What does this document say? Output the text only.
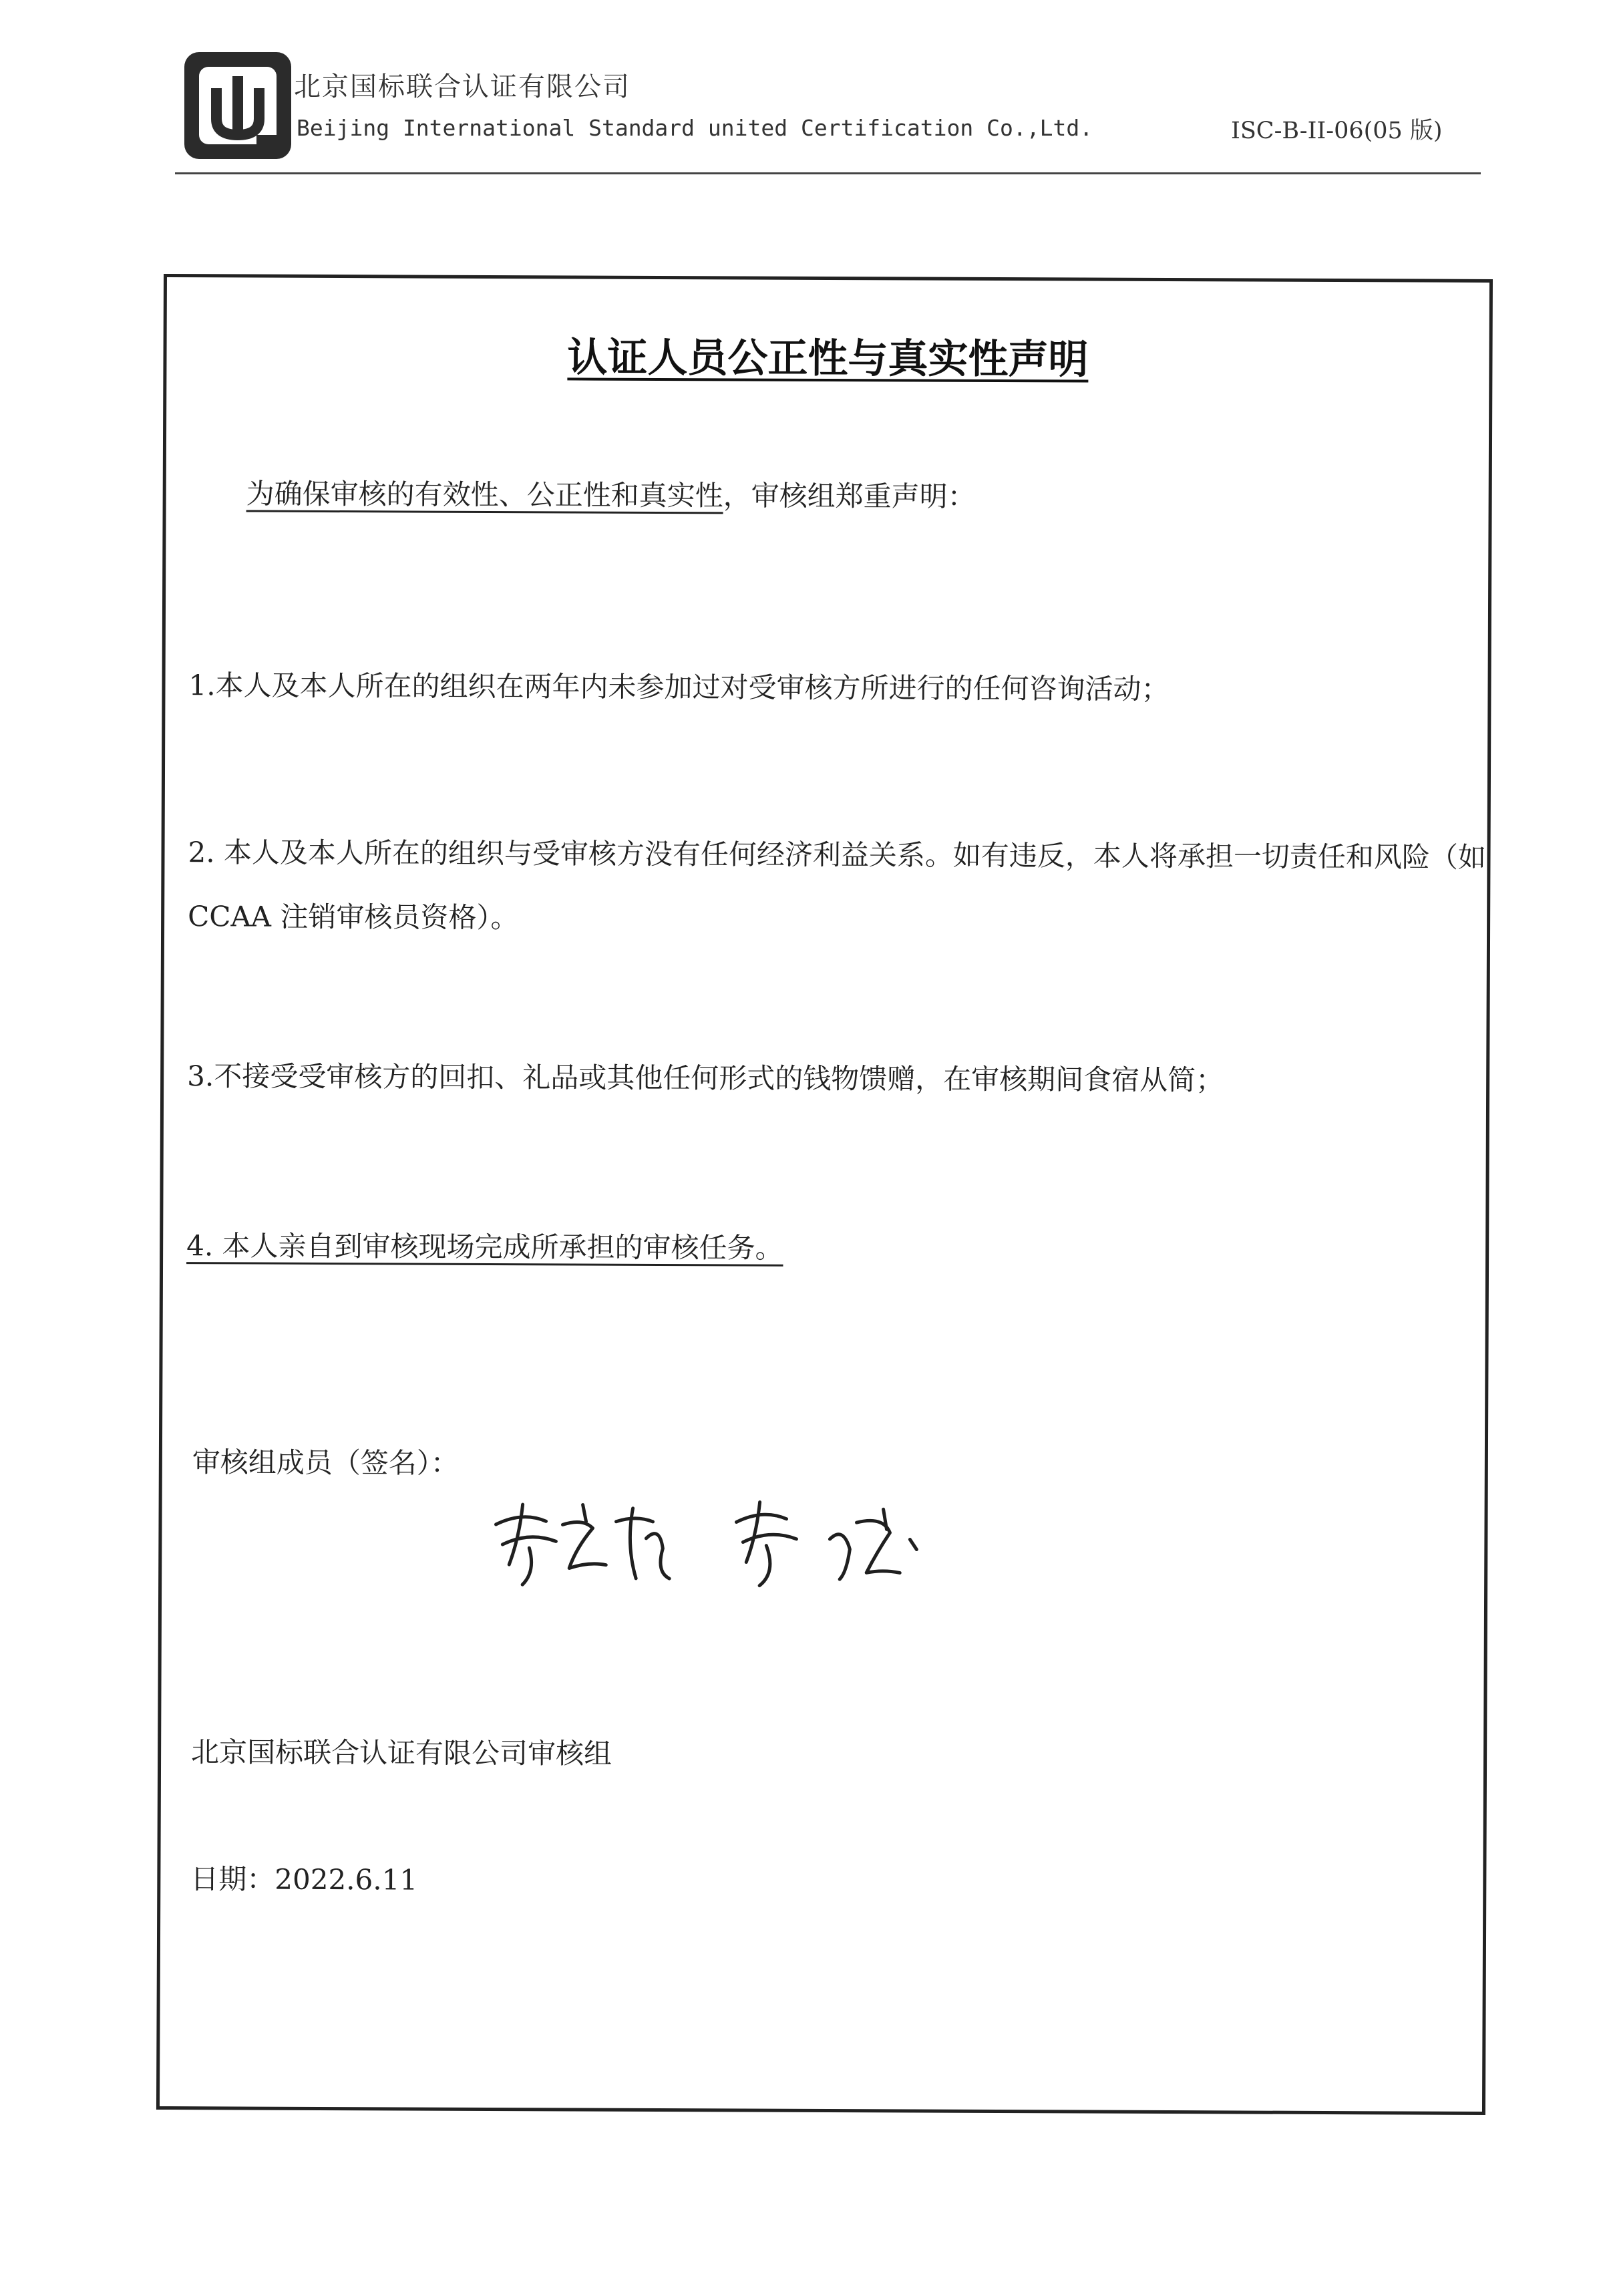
北京国标联合认证有限公司
Beijing International Standard united Certification Co.,Ltd.	ISC-B-II-06(05 版)
认证人员公正性与真实性声明
为确保审核的有效性、公正性和真实性，审核组郑重声明：
1.本人及本人所在的组织在两年内未参加过对受审核方所进行的任何咨询活动；
2. 本人及本人所在的组织与受审核方没有任何经济利益关系。如有违反，本人将承担一切责任和风险（如 CCAA 注销审核员资格）。
3.不接受受审核方的回扣、礼品或其他任何形式的钱物馈赠，在审核期间食宿从简；
4. 本人亲自到审核现场完成所承担的审核任务。
审核组成员（签名）：
北京国标联合认证有限公司审核组
日期：2022.6.11
